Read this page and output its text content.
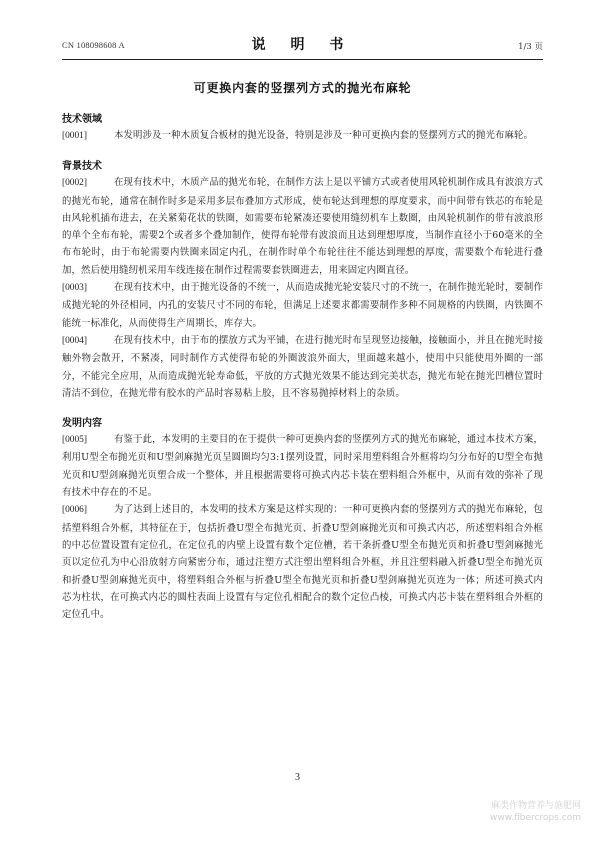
CN 108098608 A	说 明 书	1/3 页
可更换内套的竖摆列方式的抛光布麻轮
技术领域

[0001]	本发明涉及一种木质复合板材的抛光设备，特别是涉及一种可更换内套的竖摆列方式的抛光布麻轮。

背景技术

[0002]	在现有技术中，木质产品的抛光布轮，在制作方法上是以平铺方式或者使用风轮机制作成具有波浪方式的抛光布轮，通常在制作时多是采用多层布叠加方式形成，使布轮达到理想的厚度要求，而中间带有铁芯的布轮是由风轮机插布进去，在关紧菊花状的铁圈，如需要布轮紧凑还要使用缝纫机车上数圈，由风轮机制作的带有波浪形的单个全布布轮，需要2个或者多个叠加制作，使得布轮带有波浪而且达到理想厚度，当制作直径小于60毫米的全布布轮时，由于布轮需要内铁圈来固定内孔，在制作时单个布轮往往不能达到理想的厚度，需要数个布轮进行叠加，然后使用缝纫机采用车线连接在制作过程需要套铁圈进去，用来固定内圈直径。

[0003]	在现有技术中，由于抛光设备的不统一，从而造成抛光轮安装尺寸的不统一，在制作抛光轮时，要制作成抛光轮的外径相同，内孔的安装尺寸不同的布轮，但满足上述要求都需要制作多种不同规格的内铁圈，内铁圈不能统一标准化，从而使得生产周期长，库存大。

[0004]	在现有技术中，由于布的摆放方式为平铺，在进行抛光时布呈现竖边接触，接触面小，并且在抛光时接触外物会散开，不紧凑，同时制作方式使得布轮的外圈波浪外面大，里面越来越小，使用中只能使用外圈的一部分，不能完全应用，从而造成抛光轮寿命低，平放的方式抛光效果不能达到完美状态，抛光布轮在抛光凹槽位置时清洁不到位，在抛光带有胶水的产品时容易粘上胶，且不容易抛掉材料上的杂质。

发明内容

[0005]	有鉴于此，本发明的主要目的在于提供一种可更换内套的竖摆列方式的抛光布麻轮，通过本技术方案，利用U型全布抛光页和U型剑麻抛光页呈圆圈均匀3:1摆列设置，同时采用塑料组合外框将均匀分布好的U型全布抛光页和U型剑麻抛光页塑合成一个整体，并且根据需要将可换式内芯卡装在塑料组合外框中，从而有效的弥补了现有技术中存在的不足。

[0006]	为了达到上述目的，本发明的技术方案是这样实现的：一种可更换内套的竖摆列方式的抛光布麻轮，包括塑料组合外框，其特征在于，包括折叠U型全布抛光页、折叠U型剑麻抛光页和可换式内芯，所述塑料组合外框的中芯位置设置有定位孔，在定位孔的内壁上设置有数个定位槽，若干条折叠U型全布抛光页和折叠U型剑麻抛光页以定位孔为中心沿放射方向紧密分布，通过注塑方式注塑出塑料组合外框，并且注塑料融入折叠U型全布抛光页和折叠U型剑麻抛光页中，将塑料组合外框与折叠U型全布抛光页和折叠U型剑麻抛光页连为一体；所述可换式内芯为柱状，在可换式内芯的圆柱表面上设置有与定位孔相配合的数个定位凸棱，可换式内芯卡装在塑料组合外框的定位孔中。

3
麻类作物营养与施肥网
www.fibercrops.com
